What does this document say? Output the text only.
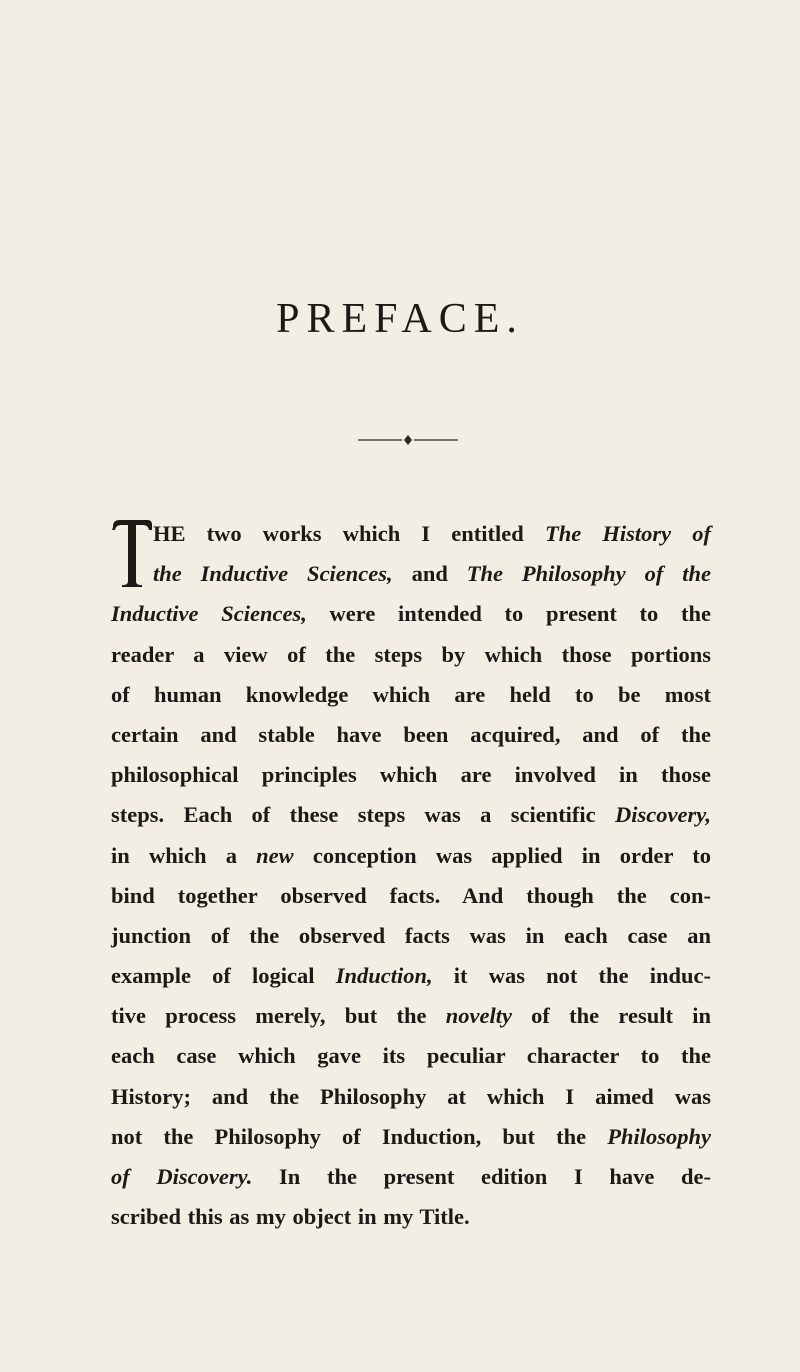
PREFACE.
HE two works which I entitled The History of
the Inductive Sciences, and The Philosophy of the
Inductive Sciences, were intended to present to the
reader a view of the steps by which those portions
of human knowledge which are held to be most
certain and stable have been acquired, and of the
philosophical principles which are involved in those
steps. Each of these steps was a scientific Discovery,
in which a new conception was applied in order to
bind together observed facts. And though the con-
junction of the observed facts was in each case an
example of logical Induction, it was not the induc-
tive process merely, but the novelty of the result in
each case which gave its peculiar character to the
History; and the Philosophy at which I aimed was
not the Philosophy of Induction, but the Philosophy
of Discovery. In the present edition I have de-
scribed this as my object in my Title.
